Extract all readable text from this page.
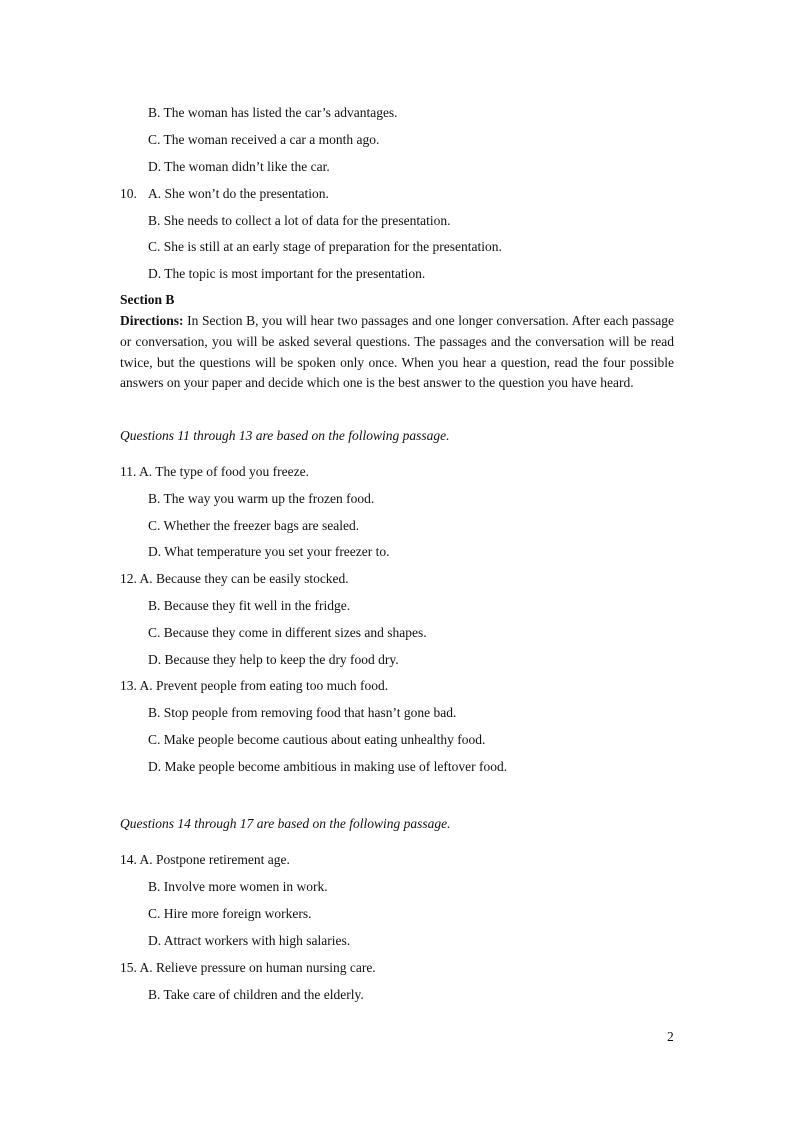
B. The woman has listed the car’s advantages.
C. The woman received a car a month ago.
D. The woman didn’t like the car.
10. A. She won’t do the presentation.
B. She needs to collect a lot of data for the presentation.
C. She is still at an early stage of preparation for the presentation.
D. The topic is most important for the presentation.
Section B
Directions: In Section B, you will hear two passages and one longer conversation. After each passage or conversation, you will be asked several questions. The passages and the conversation will be read twice, but the questions will be spoken only once. When you hear a question, read the four possible answers on your paper and decide which one is the best answer to the question you have heard.
Questions 11 through 13 are based on the following passage.
11. A. The type of food you freeze.
B. The way you warm up the frozen food.
C. Whether the freezer bags are sealed.
D. What temperature you set your freezer to.
12. A. Because they can be easily stocked.
B. Because they fit well in the fridge.
C. Because they come in different sizes and shapes.
D. Because they help to keep the dry food dry.
13. A. Prevent people from eating too much food.
B. Stop people from removing food that hasn’t gone bad.
C. Make people become cautious about eating unhealthy food.
D. Make people become ambitious in making use of leftover food.
Questions 14 through 17 are based on the following passage.
14. A. Postpone retirement age.
B. Involve more women in work.
C. Hire more foreign workers.
D. Attract workers with high salaries.
15. A. Relieve pressure on human nursing care.
B. Take care of children and the elderly.
2
